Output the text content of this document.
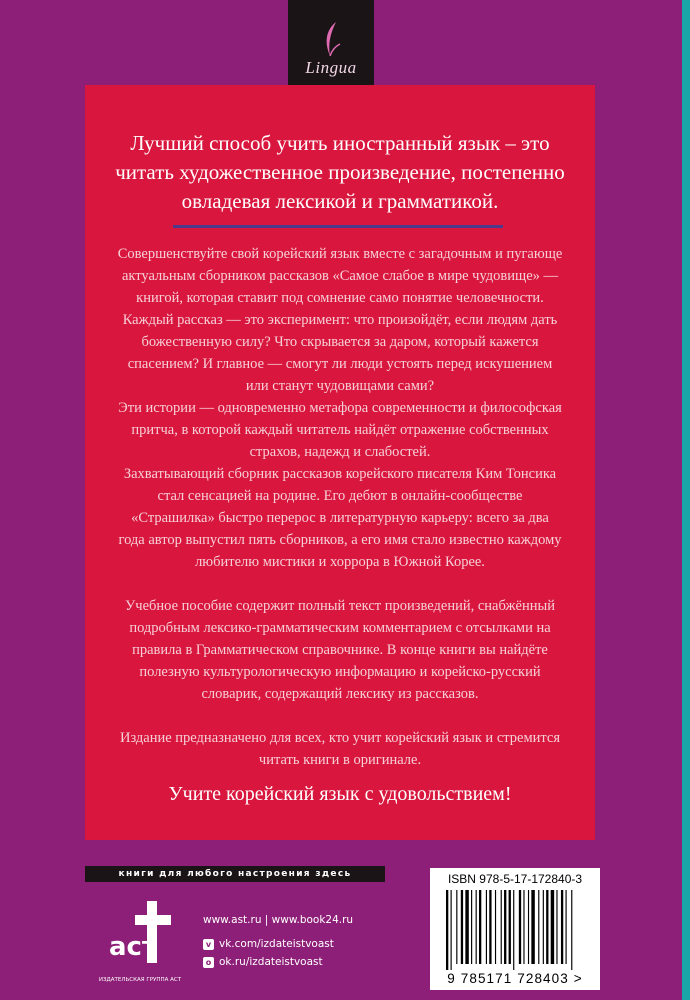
Lingua
Лучший способ учить иностранный язык – это читать художественное произведение, постепенно овладевая лексикой и грамматикой.

Совершенствуйте свой корейский язык вместе с загадочным и пугающе актуальным сборником рассказов «Самое слабое в мире чудовище» — книгой, которая ставит под сомнение само понятие человечности. Каждый рассказ — это эксперимент: что произойдёт, если людям дать божественную силу? Что скрывается за даром, который кажется спасением? И главное — смогут ли люди устоять перед искушением или станут чудовищами сами?

Эти истории — одновременно метафора современности и философская притча, в которой каждый читатель найдёт отражение собственных страхов, надежд и слабостей.

Захватывающий сборник рассказов корейского писателя Ким Тонсика стал сенсацией на родине. Его дебют в онлайн-сообществе «Страшилка» быстро перерос в литературную карьеру: всего за два года автор выпустил пять сборников, а его имя стало известно каждому любителю мистики и хоррора в Южной Корее.

Учебное пособие содержит полный текст произведений, снабжённый подробным лексико-грамматическим комментарием с отсылками на правила в Грамматическом справочнике. В конце книги вы найдёте полезную культурологическую информацию и корейско-русский словарик, содержащий лексику из рассказов.

Издание предназначено для всех, кто учит корейский язык и стремится читать книги в оригинале.

Учите корейский язык с удовольствием!
книги для любого настроения здесь
аст
ИЗДАТЕЛЬСКАЯ ГРУППА АСТ
www.ast.ru | www.book24.ru
v vk.com/izdateistvoast
o ok.ru/izdateistvoast
ISBN 978-5-17-172840-3
9 785171 728403 >
